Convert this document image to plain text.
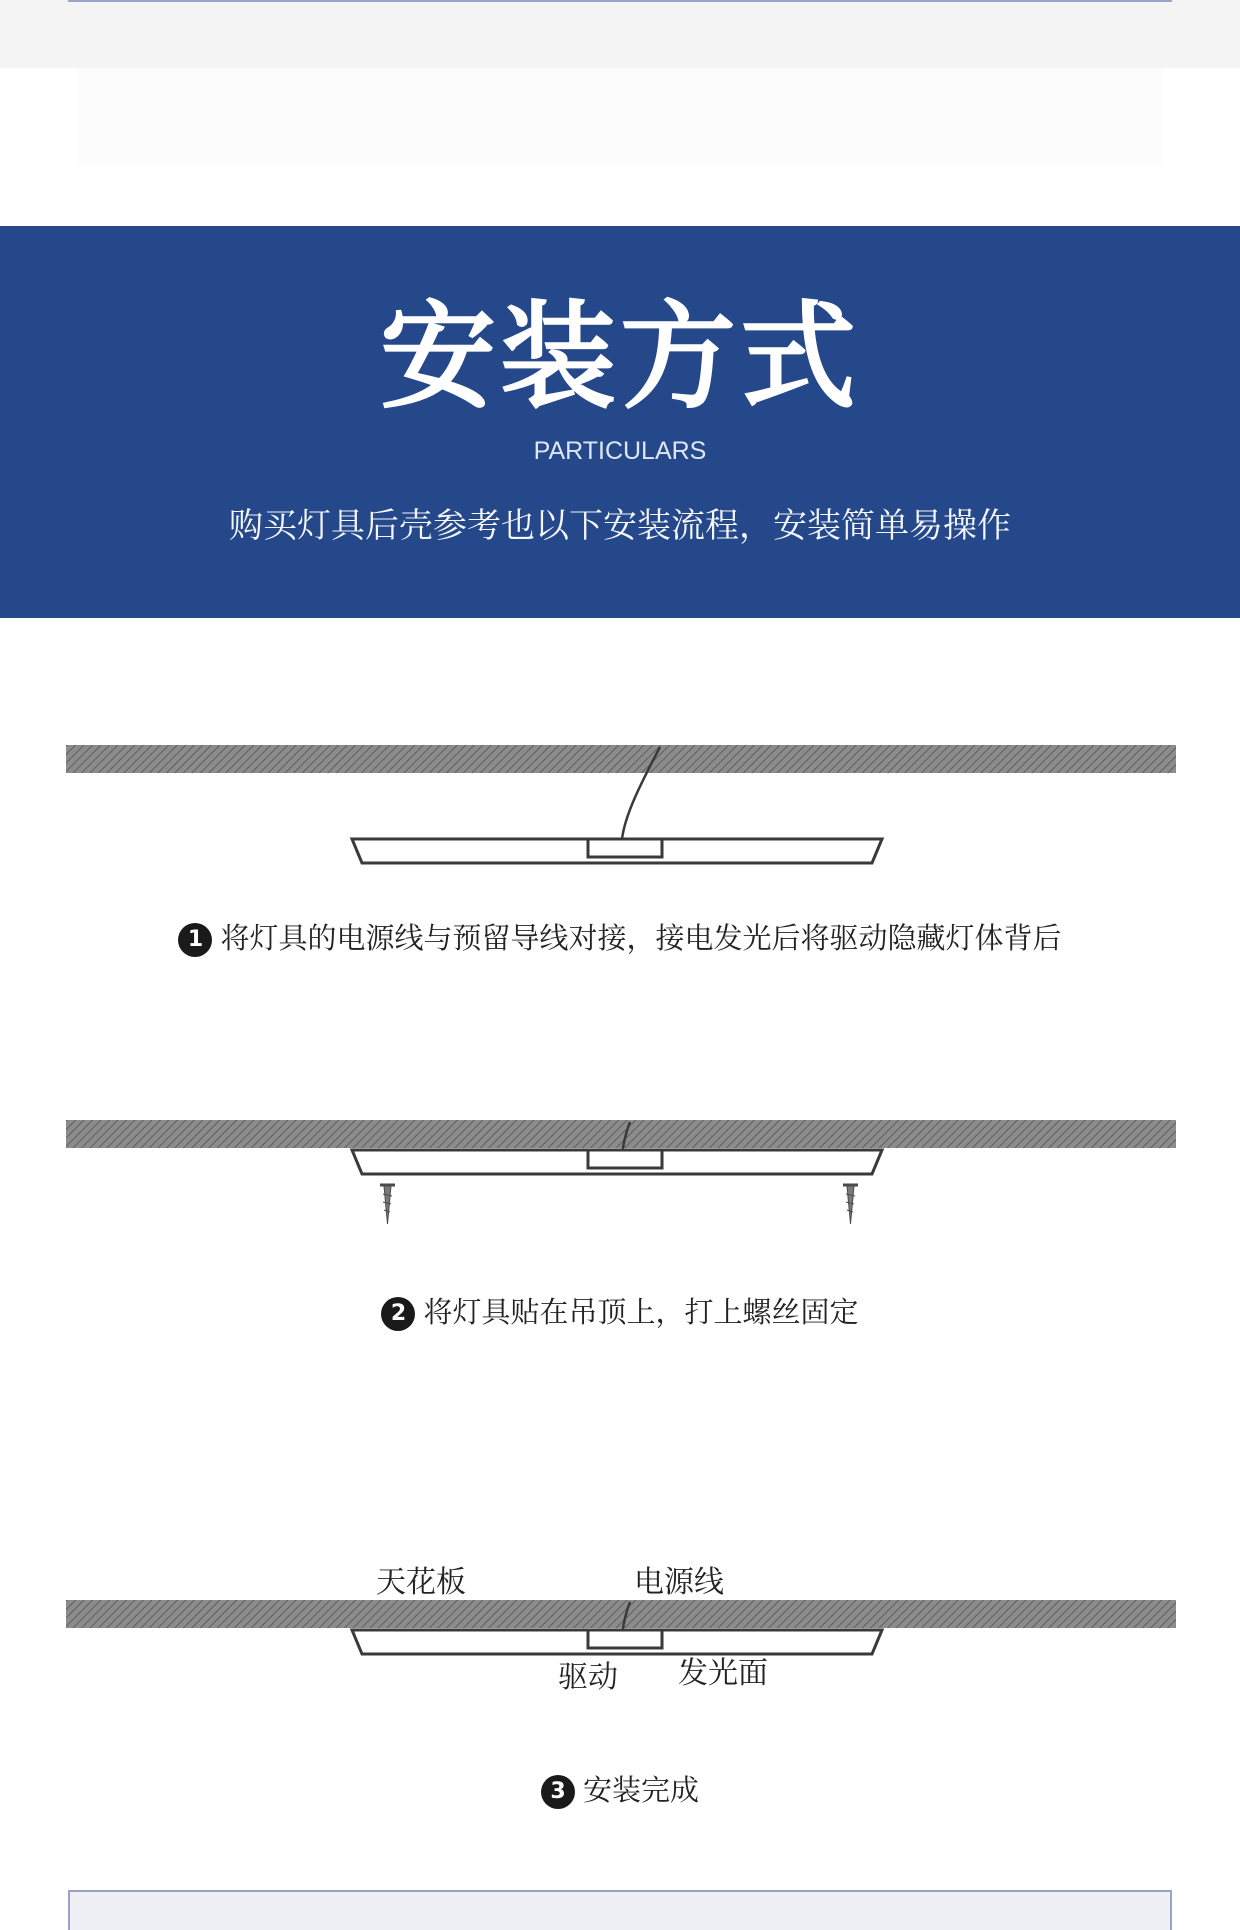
安装方式
PARTICULARS
购买灯具后壳参考也以下安装流程，安装简单易操作
1 将灯具的电源线与预留导线对接，接电发光后将驱动隐藏灯体背后
2 将灯具贴在吊顶上，打上螺丝固定
天花板	电源线
驱动 发光面
3 安装完成
